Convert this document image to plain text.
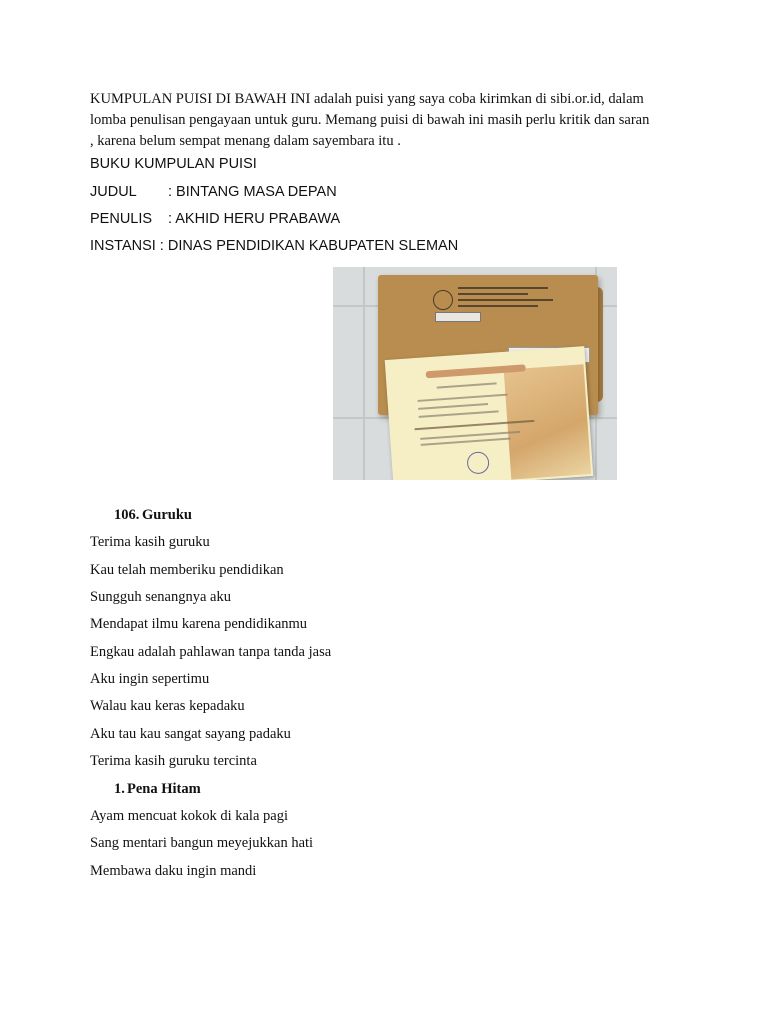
KUMPULAN PUISI DI BAWAH INI adalah puisi yang saya coba kirimkan di sibi.or.id, dalam
lomba penulisan pengayaan untuk guru. Memang puisi di bawah ini masih perlu kritik dan saran
, karena belum sempat menang dalam sayembara itu .

BUKU KUMPULAN PUISI

JUDUL : BINTANG MASA DEPAN

PENULIS : AKHID HERU PRABAWA

INSTANSI : DINAS PENDIDIKAN KABUPATEN SLEMAN

106. Guruku

Terima kasih guruku

Kau telah memberiku pendidikan

Sungguh senangnya aku

Mendapat ilmu karena pendidikanmu

Engkau adalah pahlawan tanpa tanda jasa

Aku ingin sepertimu

Walau kau keras kepadaku

Aku tau kau sangat sayang padaku

Terima kasih guruku tercinta

1. Pena Hitam

Ayam mencuat kokok di kala pagi

Sang mentari bangun meyejukkan hati

Membawa daku ingin mandi
